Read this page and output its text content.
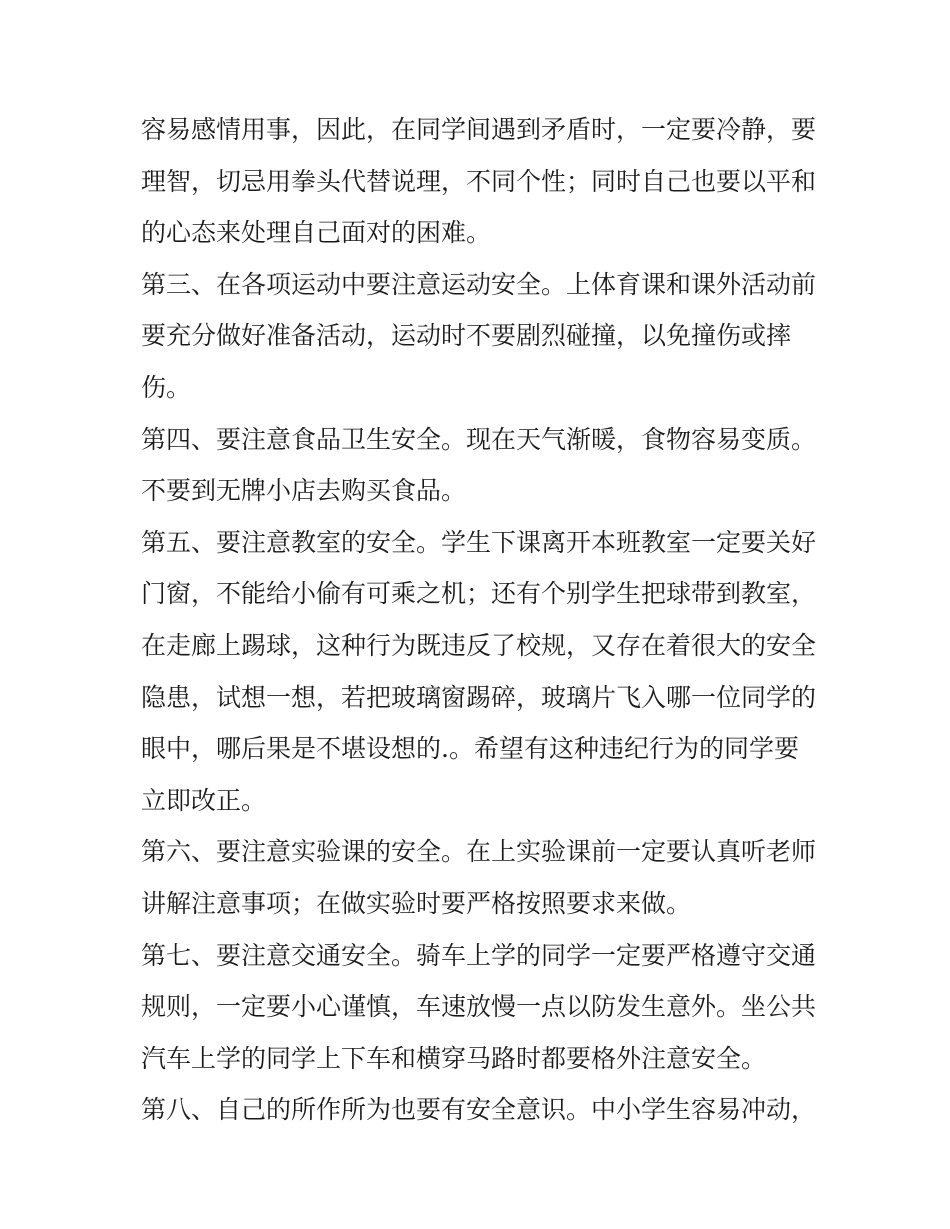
容易感情用事，因此，在同学间遇到矛盾时，一定要冷静，要
理智，切忌用拳头代替说理，不同个性；同时自己也要以平和
的心态来处理自己面对的困难。
第三、在各项运动中要注意运动安全。上体育课和课外活动前
要充分做好准备活动，运动时不要剧烈碰撞，以免撞伤或摔
伤。
第四、要注意食品卫生安全。现在天气渐暖，食物容易变质。
不要到无牌小店去购买食品。
第五、要注意教室的安全。学生下课离开本班教室一定要关好
门窗，不能给小偷有可乘之机；还有个别学生把球带到教室，
在走廊上踢球，这种行为既违反了校规，又存在着很大的安全
隐患，试想一想，若把玻璃窗踢碎，玻璃片飞入哪一位同学的
眼中，哪后果是不堪设想的.。希望有这种违纪行为的同学要
立即改正。
第六、要注意实验课的安全。在上实验课前一定要认真听老师
讲解注意事项；在做实验时要严格按照要求来做。
第七、要注意交通安全。骑车上学的同学一定要严格遵守交通
规则，一定要小心谨慎，车速放慢一点以防发生意外。坐公共
汽车上学的同学上下车和横穿马路时都要格外注意安全。
第八、自己的所作所为也要有安全意识。中小学生容易冲动，
